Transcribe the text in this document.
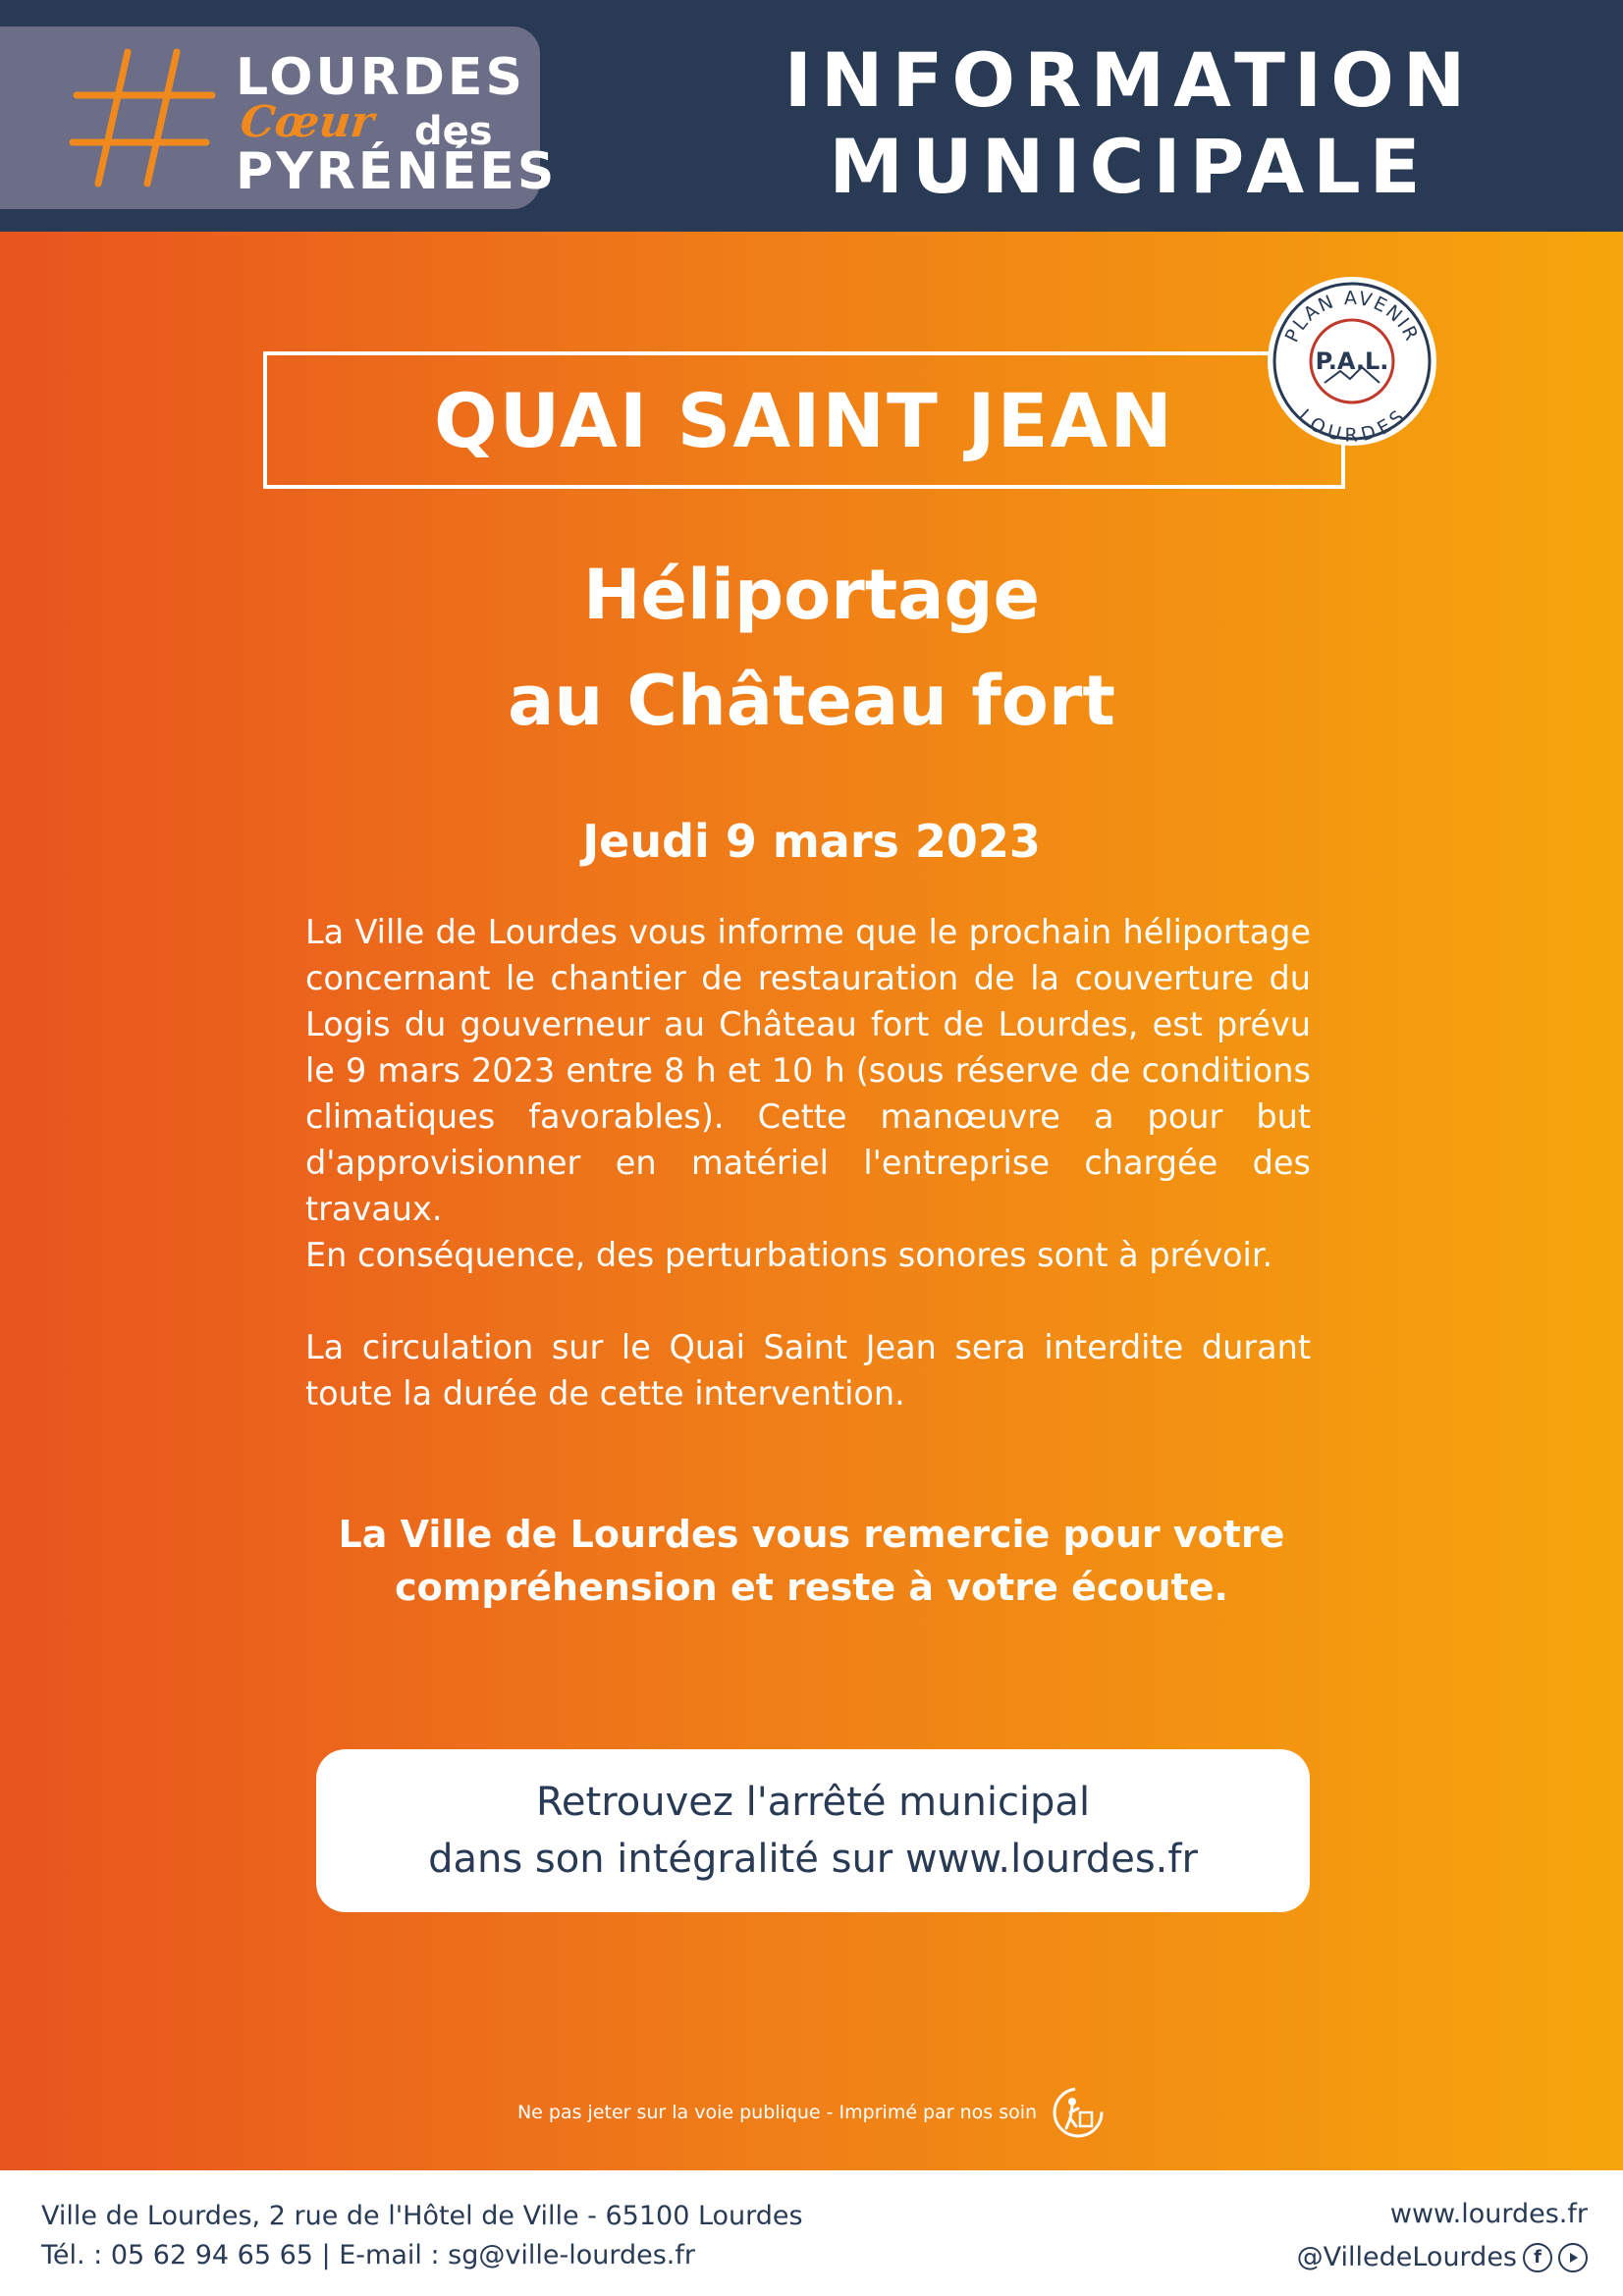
LOURDES
Cœur des
PYRÉNÉES
INFORMATION
MUNICIPALE
QUAI SAINT JEAN
PLAN AVENIR
LOURDES
P.A.L.
Héliportage
au Château fort
Jeudi 9 mars 2023

La Ville de Lourdes vous informe que le prochain héliportage concernant le chantier de restauration de la couverture du Logis du gouverneur au Château fort de Lourdes, est prévu le 9 mars 2023 entre 8 h et 10 h (sous réserve de conditions climatiques favorables). Cette manœuvre a pour but d'approvisionner en matériel l'entreprise chargée des travaux.

En conséquence, des perturbations sonores sont à prévoir.

La circulation sur le Quai Saint Jean sera interdite durant toute la durée de cette intervention.

La Ville de Lourdes vous remercie pour votre
compréhension et reste à votre écoute.
Retrouvez l'arrêté municipal
dans son intégralité sur www.lourdes.fr
Ne pas jeter sur la voie publique - Imprimé par nos soin
Ville de Lourdes, 2 rue de l'Hôtel de Ville - 65100 Lourdes
Tél. : 05 62 94 65 65 | E-mail : sg@ville-lourdes.fr
www.lourdes.fr
@VilledeLourdes f
